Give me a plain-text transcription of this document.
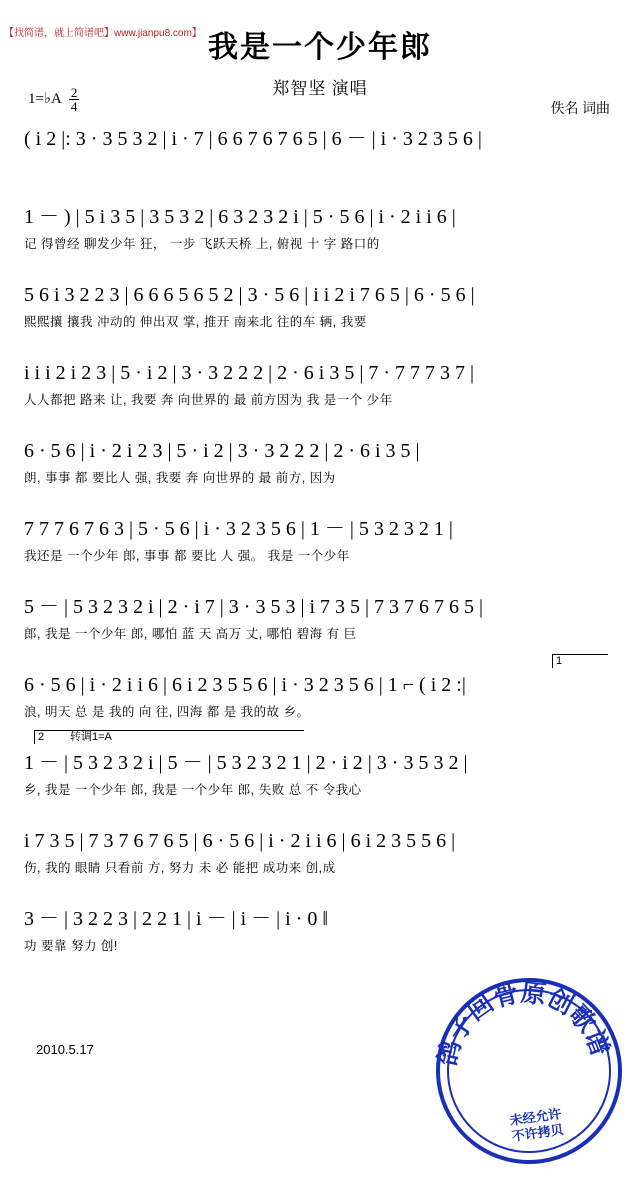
【找简谱，就上简谱吧】www.jianpu8.com】 我是一个少年郎
郑智坚 演唱
1=♭A $\frac{2}{4}$	佚名 词曲
( i 2 |: 3 · 3 5 3 2 | i · 7 | 6 6 7 6 7 6 5 | 6 － | i · 3 2 3 5 6 |
1 － ) | 5 i 3 5 | 3 5 3 2 | 6 3 2 3 2 i | 5 · 5 6 | i · 2 i i 6 |
记 得曾经 聊发少年 狂， 一步 飞跃天桥 上, 俯视 十 字 路口的
5 6 i 3 2 2 3 | 6 6 6 5 6 5 2 | 3 · 5 6 | i i 2 i 7 6 5 | 6 · 5 6 |
熙熙攘 攘我 冲动的 伸出双 掌, 推开 南来北 往的车 辆, 我要
i i i 2 i 2 3 | 5 · i 2 | 3 · 3 2 2 2 | 2 · 6 i 3 5 | 7 · 7 7 7 3 7 |
人人都把 路来 让, 我要 奔 向世界的 最 前方因为 我 是一个 少年
6 · 5 6 | i · 2 i 2 3 | 5 · i 2 | 3 · 3 2 2 2 | 2 · 6 i 3 5 |
朗, 事事 都 要比人 强, 我要 奔 向世界的 最 前方, 因为
7 7 7 6 7 6 3 | 5 · 5 6 | i · 3 2 3 5 6 | 1 － | 5 3 2 3 2 1 |
我还是 一个少年 郎, 事事 都 要比 人 强。 我是 一个少年
5 － | 5 3 2 3 2 i | 2 · i 7 | 3 · 3 5 3 | i 7 3 5 | 7 3 7 6 7 6 5 |
郎, 我是 一个少年 郎, 哪怕 蓝 天 高万 丈, 哪怕 碧海 有 巨
1
6 · 5 6 | i · 2 i i 6 | 6 i 2 3 5 5 6 | i · 3 2 3 5 6 | 1 ⌐ ( i 2 :|
浪, 明天 总 是 我的 向 往, 四海 都 是 我的故 乡。
2	转调1=A
1 － | 5 3 2 3 2 i | 5 － | 5 3 2 3 2 1 | 2 · i 2 | 3 · 3 5 3 2 |
乡, 我是 一个少年 郎, 我是 一个少年 郎, 失败 总 不 令我心
i 7 3 5 | 7 3 7 6 7 6 5 | 6 · 5 6 | i · 2 i i 6 | 6 i 2 3 5 5 6 |
伤, 我的 眼睛 只看前 方, 努力 未 必 能把 成功来 创,成
3 － | 3 2 2 3 | 2 2 1 | i － | i － | i · 0 ‖
功 要靠 努力 创!
2010.5.17
未经允许
不许拷贝
鸽子回骨原创歌谱
